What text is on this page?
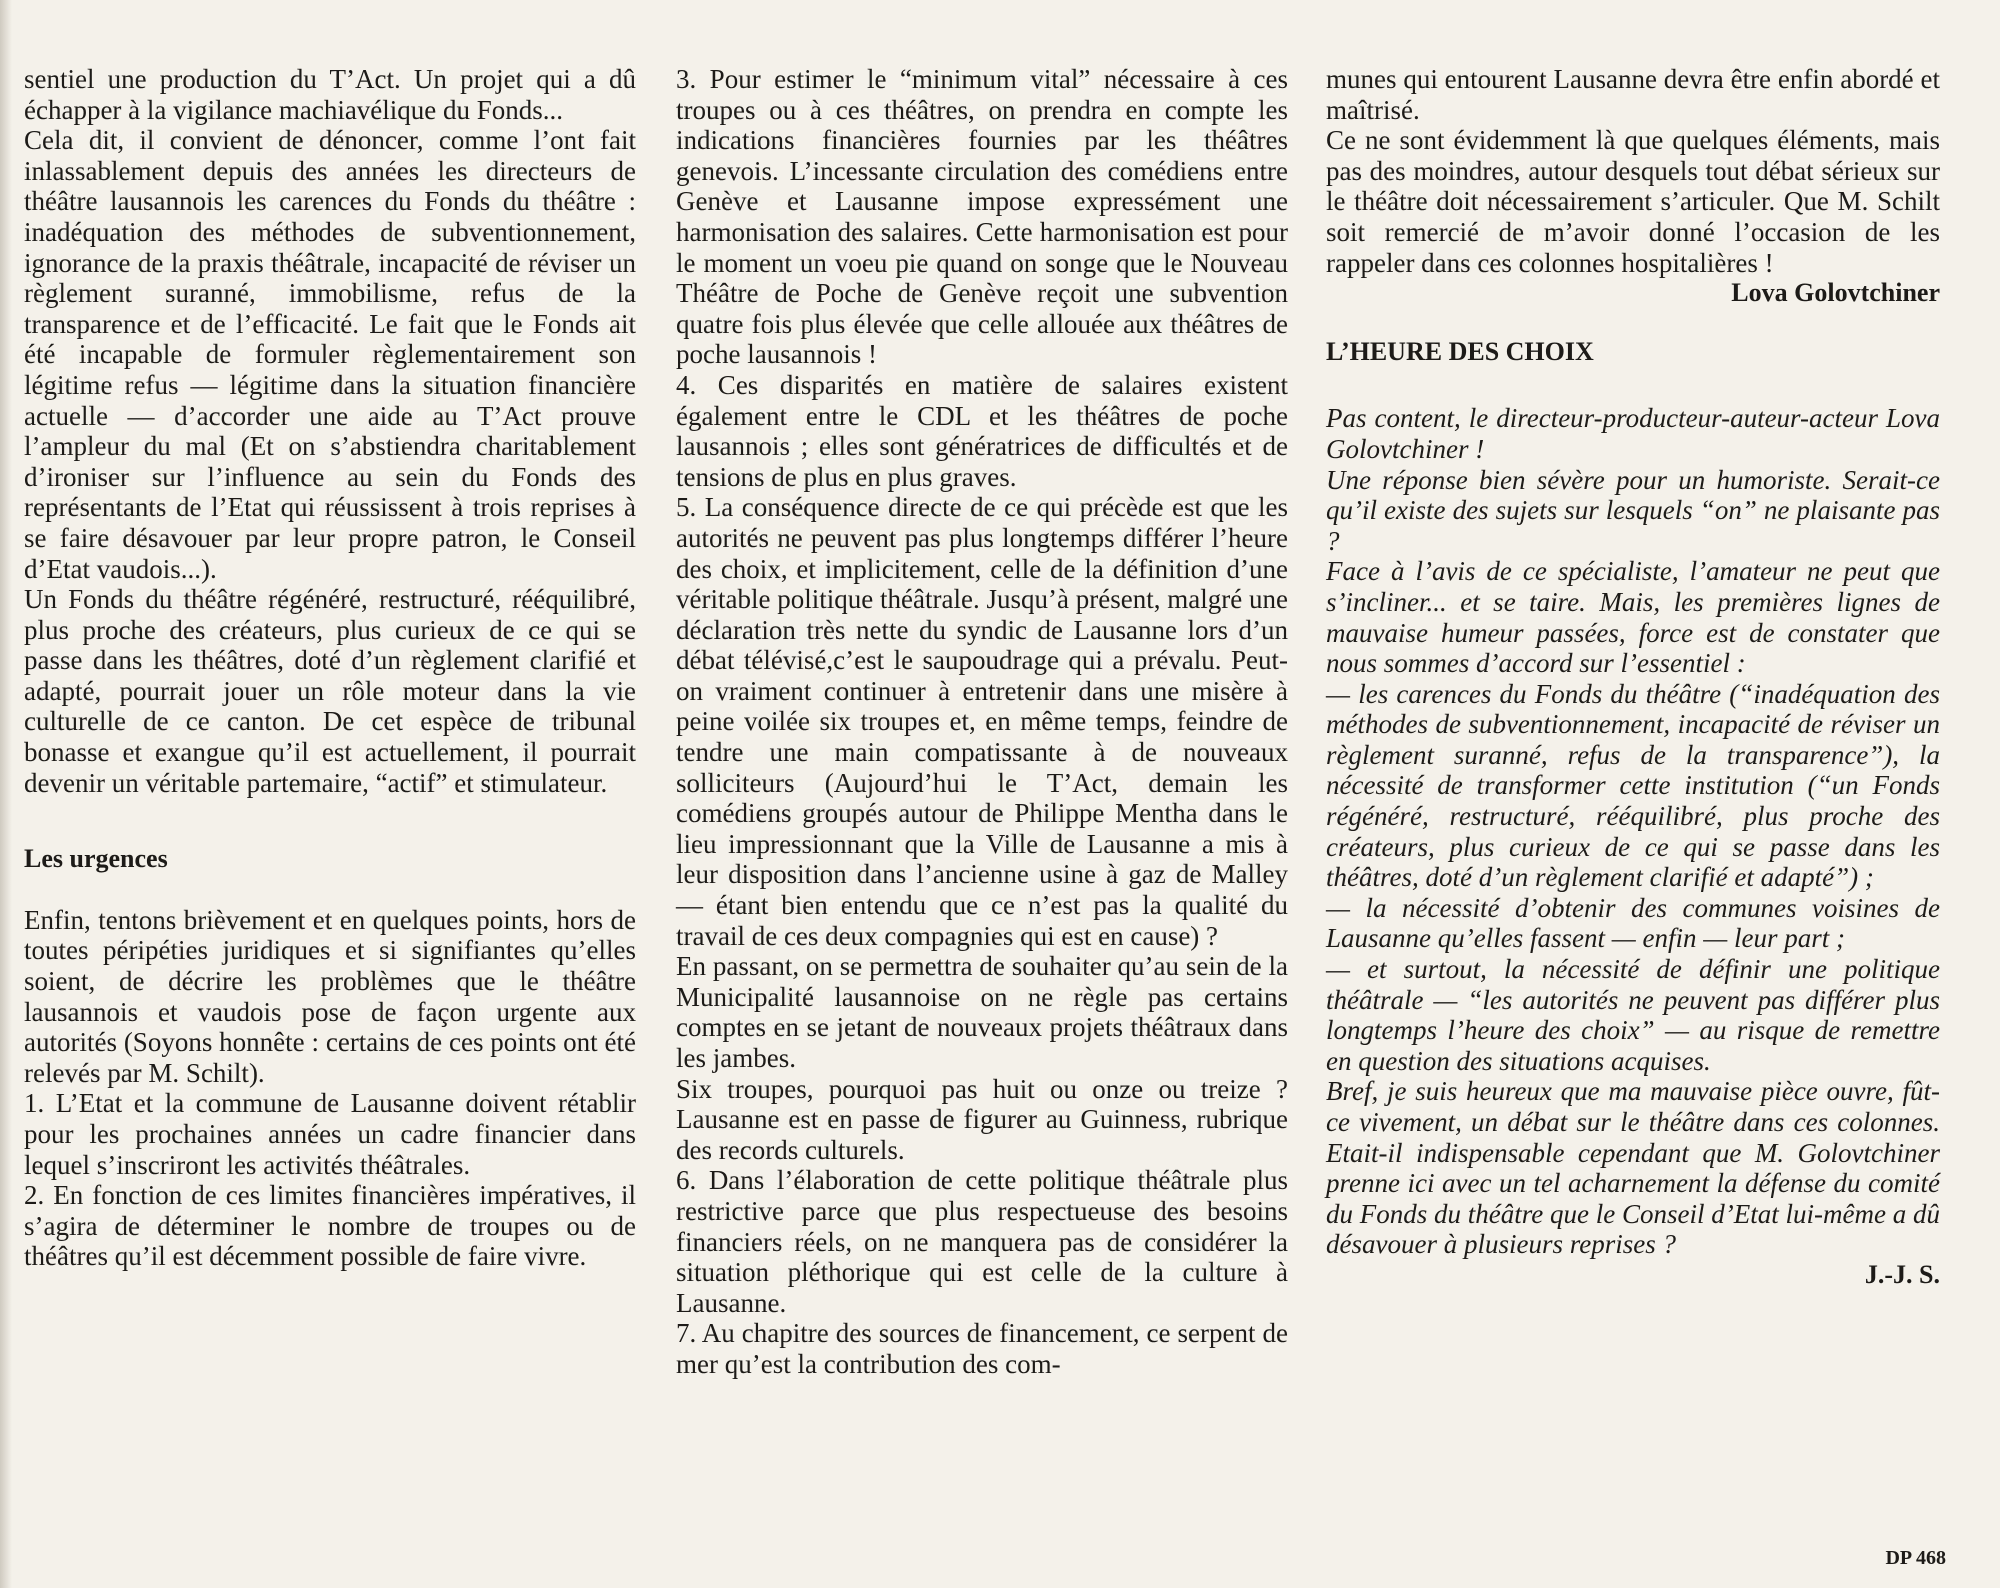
sentiel une production du T’Act. Un projet qui a dû échapper à la vigilance machiavélique du Fonds...

Cela dit, il convient de dénoncer, comme l’ont fait inlassablement depuis des années les directeurs de théâtre lausannois les carences du Fonds du théâtre : inadéquation des méthodes de subventionnement, ignorance de la praxis théâtrale, incapacité de réviser un règlement suranné, immobilisme, refus de la transparence et de l’efficacité. Le fait que le Fonds ait été incapable de formuler règlementairement son légitime refus — légitime dans la situation financière actuelle — d’accorder une aide au T’Act prouve l’ampleur du mal (Et on s’abstiendra charitablement d’ironiser sur l’influence au sein du Fonds des représentants de l’Etat qui réussissent à trois reprises à se faire désavouer par leur propre patron, le Conseil d’Etat vaudois...).

Un Fonds du théâtre régénéré, restructuré, rééquilibré, plus proche des créateurs, plus curieux de ce qui se passe dans les théâtres, doté d’un règlement clarifié et adapté, pourrait jouer un rôle moteur dans la vie culturelle de ce canton. De cet espèce de tribunal bonasse et exangue qu’il est actuellement, il pourrait devenir un véritable partemaire, “actif” et stimulateur.

Les urgences

Enfin, tentons brièvement et en quelques points, hors de toutes péripéties juridiques et si signifiantes qu’elles soient, de décrire les problèmes que le théâtre lausannois et vaudois pose de façon urgente aux autorités (Soyons honnête : certains de ces points ont été relevés par M. Schilt).

1. L’Etat et la commune de Lausanne doivent rétablir pour les prochaines années un cadre financier dans lequel s’inscriront les activités théâtrales.

2. En fonction de ces limites financières impératives, il s’agira de déterminer le nombre de troupes ou de théâtres qu’il est décemment possible de faire vivre.

3. Pour estimer le “minimum vital” nécessaire à ces troupes ou à ces théâtres, on prendra en compte les indications financières fournies par les théâtres genevois. L’incessante circulation des comédiens entre Genève et Lausanne impose expressément une harmonisation des salaires. Cette harmonisation est pour le moment un voeu pie quand on songe que le Nouveau Théâtre de Poche de Genève reçoit une subvention quatre fois plus élevée que celle allouée aux théâtres de poche lausannois !

4. Ces disparités en matière de salaires existent également entre le CDL et les théâtres de poche lausannois ; elles sont génératrices de difficultés et de tensions de plus en plus graves.

5. La conséquence directe de ce qui précède est que les autorités ne peuvent pas plus longtemps différer l’heure des choix, et implicitement, celle de la définition d’une véritable politique théâtrale. Jusqu’à présent, malgré une déclaration très nette du syndic de Lausanne lors d’un débat télévisé,c’est le saupoudrage qui a prévalu. Peut-on vraiment continuer à entretenir dans une misère à peine voilée six troupes et, en même temps, feindre de tendre une main compatissante à de nouveaux solliciteurs (Aujourd’hui le T’Act, demain les comédiens groupés autour de Philippe Mentha dans le lieu impressionnant que la Ville de Lausanne a mis à leur disposition dans l’ancienne usine à gaz de Malley — étant bien entendu que ce n’est pas la qualité du travail de ces deux compagnies qui est en cause) ?

En passant, on se permettra de souhaiter qu’au sein de la Municipalité lausannoise on ne règle pas certains comptes en se jetant de nouveaux projets théâtraux dans les jambes.

Six troupes, pourquoi pas huit ou onze ou treize ? Lausanne est en passe de figurer au Guinness, rubrique des records culturels.

6. Dans l’élaboration de cette politique théâtrale plus restrictive parce que plus respectueuse des besoins financiers réels, on ne manquera pas de considérer la situation pléthorique qui est celle de la culture à Lausanne.

7. Au chapitre des sources de financement, ce serpent de mer qu’est la contribution des com-

munes qui entourent Lausanne devra être enfin abordé et maîtrisé.

Ce ne sont évidemment là que quelques éléments, mais pas des moindres, autour desquels tout débat sérieux sur le théâtre doit nécessairement s’articuler. Que M. Schilt soit remercié de m’avoir donné l’occasion de les rappeler dans ces colonnes hospitalières !

Lova Golovtchiner

L’HEURE DES CHOIX

Pas content, le directeur-producteur-auteur-acteur Lova Golovtchiner !

Une réponse bien sévère pour un humoriste. Serait-ce qu’il existe des sujets sur lesquels “on” ne plaisante pas ?

Face à l’avis de ce spécialiste, l’amateur ne peut que s’incliner... et se taire. Mais, les premières lignes de mauvaise humeur passées, force est de constater que nous sommes d’accord sur l’essentiel :

— les carences du Fonds du théâtre (“inadéquation des méthodes de subventionnement, incapacité de réviser un règlement suranné, refus de la transparence”), la nécessité de transformer cette institution (“un Fonds régénéré, restructuré, rééquilibré, plus proche des créateurs, plus curieux de ce qui se passe dans les théâtres, doté d’un règlement clarifié et adapté”) ;

— la nécessité d’obtenir des communes voisines de Lausanne qu’elles fassent — enfin — leur part ;

— et surtout, la nécessité de définir une politique théâtrale — “les autorités ne peuvent pas différer plus longtemps l’heure des choix” — au risque de remettre en question des situations acquises.

Bref, je suis heureux que ma mauvaise pièce ouvre, fût-ce vivement, un débat sur le théâtre dans ces colonnes. Etait-il indispensable cependant que M. Golovtchiner prenne ici avec un tel acharnement la défense du comité du Fonds du théâtre que le Conseil d’Etat lui-même a dû désavouer à plusieurs reprises ?

J.-J. S.

DP 468
